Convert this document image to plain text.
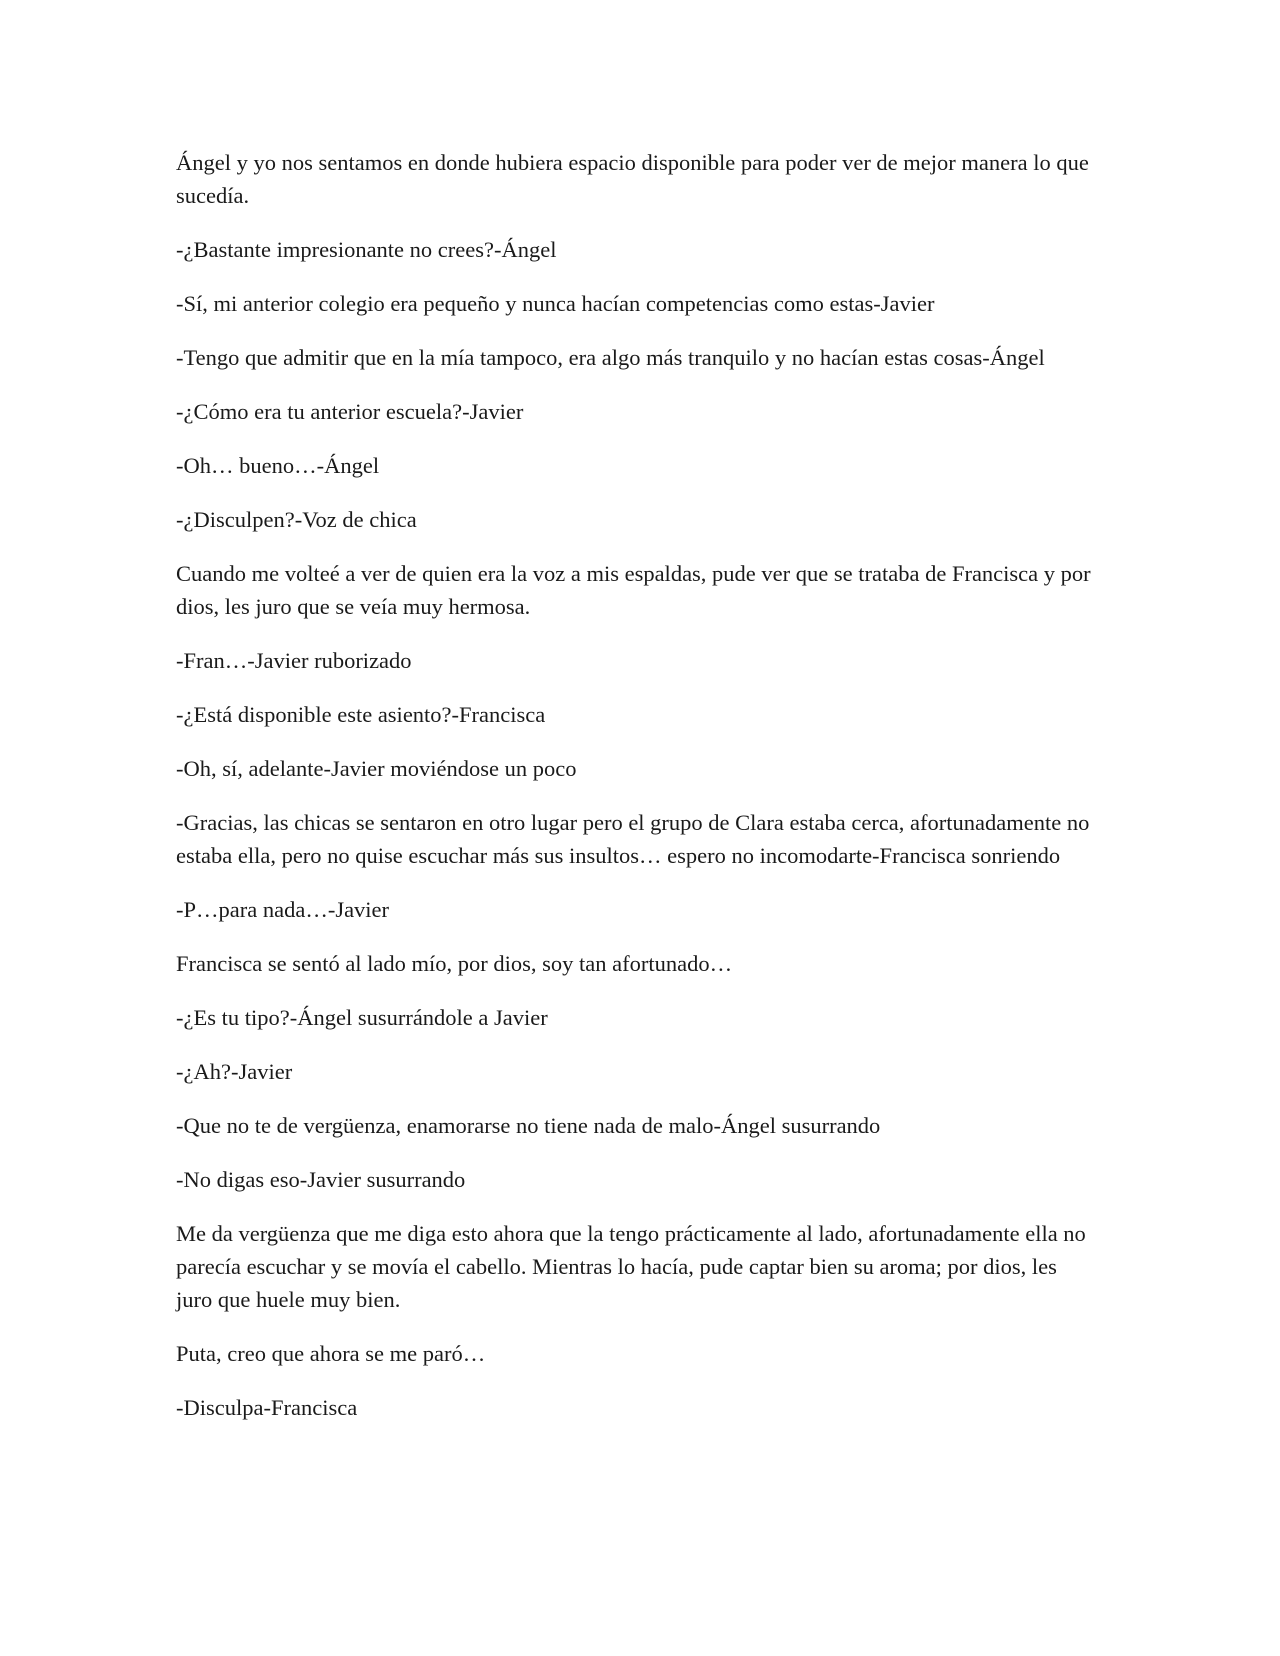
Ángel y yo nos sentamos en donde hubiera espacio disponible para poder ver de mejor manera lo que sucedía.

-¿Bastante impresionante no crees?-Ángel

-Sí, mi anterior colegio era pequeño y nunca hacían competencias como estas-Javier

-Tengo que admitir que en la mía tampoco, era algo más tranquilo y no hacían estas cosas-Ángel

-¿Cómo era tu anterior escuela?-Javier

-Oh… bueno…-Ángel

-¿Disculpen?-Voz de chica

Cuando me volteé a ver de quien era la voz a mis espaldas, pude ver que se trataba de Francisca y por dios, les juro que se veía muy hermosa.

-Fran…-Javier ruborizado

-¿Está disponible este asiento?-Francisca

-Oh, sí, adelante-Javier moviéndose un poco

-Gracias, las chicas se sentaron en otro lugar pero el grupo de Clara estaba cerca, afortunadamente no estaba ella, pero no quise escuchar más sus insultos… espero no incomodarte-Francisca sonriendo

-P…para nada…-Javier

Francisca se sentó al lado mío, por dios, soy tan afortunado…

-¿Es tu tipo?-Ángel susurrándole a Javier

-¿Ah?-Javier

-Que no te de vergüenza, enamorarse no tiene nada de malo-Ángel susurrando

-No digas eso-Javier susurrando

Me da vergüenza que me diga esto ahora que la tengo prácticamente al lado, afortunadamente ella no parecía escuchar y se movía el cabello. Mientras lo hacía, pude captar bien su aroma; por dios, les juro que huele muy bien.

Puta, creo que ahora se me paró…

-Disculpa-Francisca
